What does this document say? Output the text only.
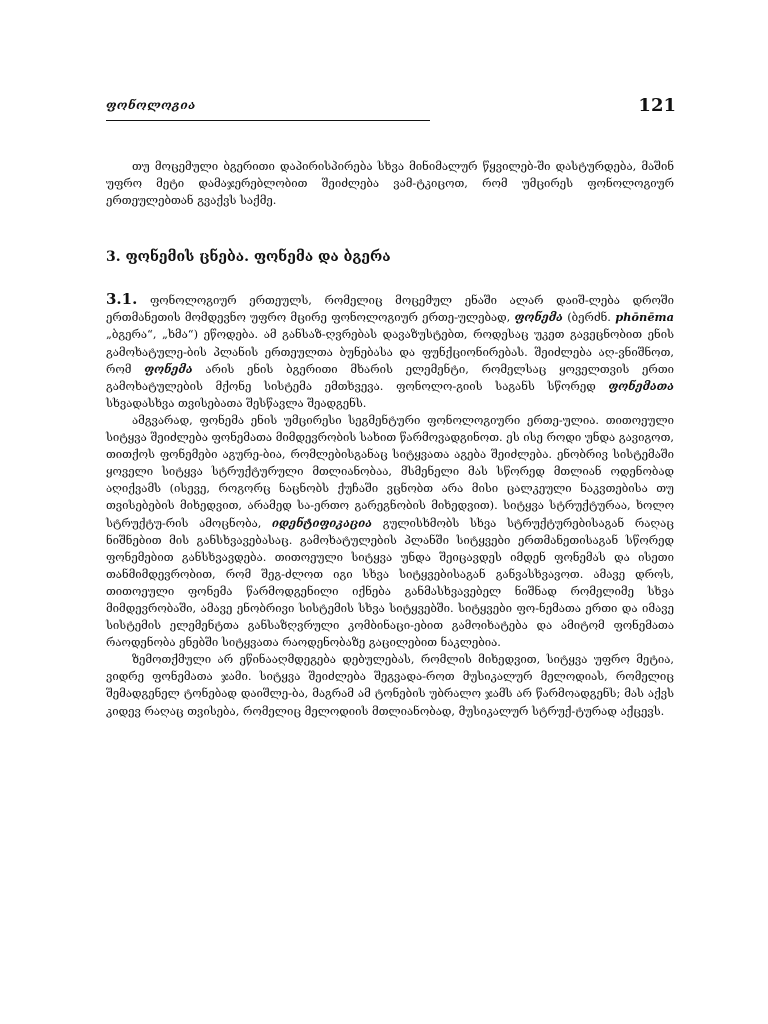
ფონოლოგია	121

თუ მოცემული ბგერითი დაპირისპირება სხვა მინიმალურ წყვილებ-ში დასტურდება, მაშინ უფრო მეტი დამაჯერებლობით შეიძლება ვამ-ტკიცოთ, რომ უმცირეს ფონოლოგიურ ერთეულებთან გვაქვს საქმე.

3. ფონემის ცნება. ფონემა და ბგერა

3.1. ფონოლოგიურ ერთეულს, რომელიც მოცემულ ენაში ალარ დაიშ-ლება დროში ერთმანეთის მომდევნო უფრო მცირე ფონოლოგიურ ერთე-ულებად, ფონემა (ბერძნ. phōnēma „ბგერა“, „ხმა“) ეწოდება. ამ განსაზ-ღვრებას დავაზუსტებთ, როდესაც უკეთ გავეცნობით ენის გამოხატულე-ბის პლანის ერთეულთა ბუნებასა და ფუნქციონირებას. შეიძლება აღ-ვნიშნოთ, რომ ფონემა არის ენის ბგერითი მხარის ელემენტი, რომელსაც ყოველთვის ერთი გამოხატულების მქონე სისტემა ემთხვევა. ფონოლო-გიის საგანს სწორედ ფონემათა სხვადასხვა თვისებათა შესწავლა შეადგენს.

ამგვარად, ფონემა ენის უმცირესი სეგმენტური ფონოლოგიური ერთე-ულია. თითოეული სიტყვა შეიძლება ფონემათა მიმდევრობის სახით წარმოვადგინოთ. ეს ისე როდი უნდა გავიგოთ, თითქოს ფონემები აგურე-ბია, რომლებისგანაც სიტყვათა აგება შეიძლება. ენობრივ სისტემაში ყოველი სიტყვა სტრუქტურული მთლიანობაა, მსმენელი მას სწორედ მთლიან ოდენობად აღიქვამს (ისევე, როგორც ნაცნობს ქუჩაში ვცნობთ არა მისი ცალკეული ნაკვთებისა თუ თვისებების მიხედვით, არამედ სა-ერთო გარეგნობის მიხედვით). სიტყვა სტრუქტურაა, ხოლო სტრუქტუ-რის ამოცნობა, იდენტიფიკაცია გულისხმობს სხვა სტრუქტურებისაგან რაღაც ნიშნებით მის განსხვავებასაც. გამოხატულების პლანში სიტყვები ერთმანეთისაგან სწორედ ფონემებით განსხვავდება. თითოეული სიტყვა უნდა შეიცავდეს იმდენ ფონემას და ისეთი თანმიმდევრობით, რომ შეგ-ძლოთ იგი სხვა სიტყვებისაგან განვასხვავოთ. ამავე დროს, თითოეული ფონემა წარმოდგენილი იქნება განმასხვავებელ ნიშნად რომელიმე სხვა მიმდევრობაში, ამავე ენობრივი სისტემის სხვა სიტყვებში. სიტყვები ფო-ნემათა ერთი და იმავე სისტემის ელემენტთა განსაზღვრული კომბინაცი-ებით გამოიხატება და ამიტომ ფონემათა რაოდენობა ენებში სიტყვათა რაოდენობაზე გაცილებით ნაკლებია.

ზემოთქმული არ ეწინააღმდეგება დებულებას, რომლის მიხედვით, სიტყვა უფრო მეტია, ვიდრე ფონემათა ჯამი. სიტყვა შეიძლება შეგვადა-როთ მუსიკალურ მელოდიას, რომელიც შემადგენელ ტონებად დაიშლე-ბა, მაგრამ ამ ტონების უბრალო ჯამს არ წარმოადგენს; მას აქვს კიდევ რაღაც თვისება, რომელიც მელოდიის მთლიანობად, მუსიკალურ სტრუქ-ტურად აქცევს.
